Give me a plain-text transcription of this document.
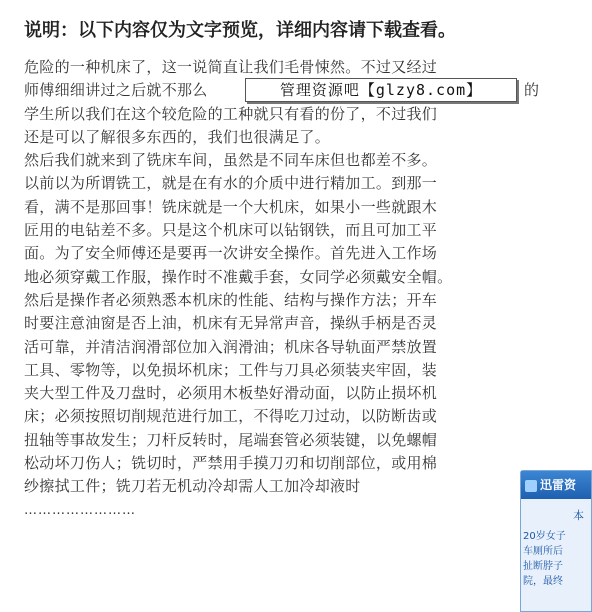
说明：以下内容仅为文字预览，详细内容请下载查看。
危险的一种机床了，这一说简直让我们毛骨悚然。不过又经过
师傅细细讲过之后就不那么	的
学生所以我们在这个较危险的工种就只有看的份了，不过我们
还是可以了解很多东西的，我们也很满足了。
然后我们就来到了铣床车间，虽然是不同车床但也都差不多。
以前以为所谓铣工，就是在有水的介质中进行精加工。到那一
看，满不是那回事！铣床就是一个大机床，如果小一些就跟木
匠用的电钻差不多。只是这个机床可以钻钢铁，而且可加工平
面。为了安全师傅还是要再一次讲安全操作。首先进入工作场
地必须穿戴工作服，操作时不准戴手套，女同学必须戴安全帽。
然后是操作者必须熟悉本机床的性能、结构与操作方法；开车
时要注意油窗是否上油，机床有无异常声音，操纵手柄是否灵
活可靠，并清洁润滑部位加入润滑油；机床各导轨面严禁放置
工具、零物等，以免损坏机床；工件与刀具必须装夹牢固，装
夹大型工件及刀盘时，必须用木板垫好滑动面，以防止损坏机
床；必须按照切削规范进行加工，不得吃刀过动，以防断齿或
扭轴等事故发生；刀杆反转时，尾端套管必须装键，以免螺帽
松动坏刀伤人；铣切时，严禁用手摸刀刃和切削部位，或用棉
纱擦拭工件；铣刀若无机动冷却需人工加冷却液时
……………………
管理资源吧【glzy8.com】
迅雷资
本
20岁女子
车厕所后
扯断脖子
院，最终
